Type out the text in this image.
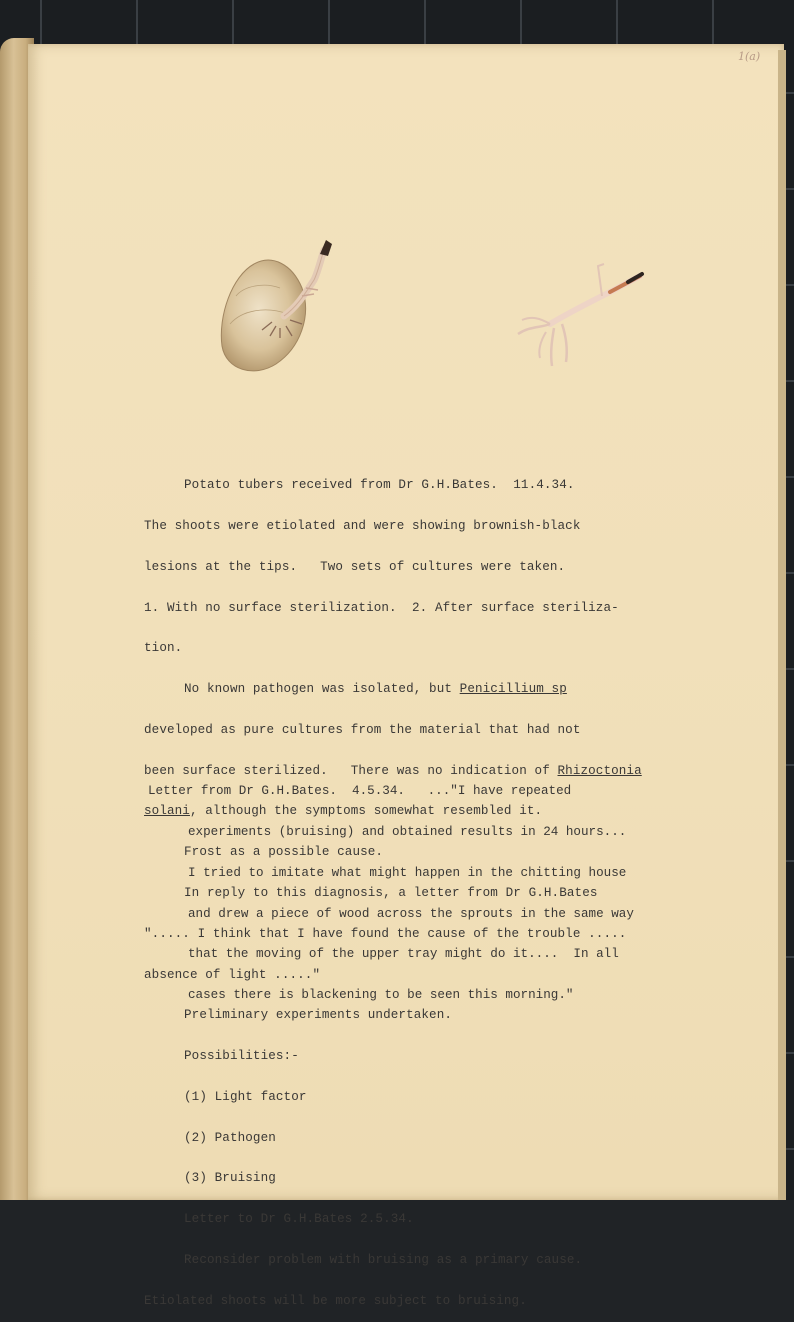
1(a)

Potato tubers received from Dr G.H.Bates.  11.4.34.

The shoots were etiolated and were showing brownish-black

lesions at the tips.   Two sets of cultures were taken.

1. With no surface sterilization.  2. After surface steriliza-

tion.

No known pathogen was isolated, but Penicillium sp

developed as pure cultures from the material that had not

been surface sterilized.   There was no indication of Rhizoctonia

solani, although the symptoms somewhat resembled it.

Frost as a possible cause.

In reply to this diagnosis, a letter from Dr G.H.Bates

"..... I think that I have found the cause of the trouble .....

absence of light ....."

Preliminary experiments undertaken.

Possibilities:-

(1) Light factor

(2) Pathogen

(3) Bruising

Letter to Dr G.H.Bates 2.5.34.

Reconsider problem with bruising as a primary cause.

Etiolated shoots will be more subject to bruising.

Letter from Dr G.H.Bates.  4.5.34.   ..."I have repeated

experiments (bruising) and obtained results in 24 hours...

I tried to imitate what might happen in the chitting house

and drew a piece of wood across the sprouts in the same way

that the moving of the upper tray might do it....  In all

cases there is blackening to be seen this morning."
